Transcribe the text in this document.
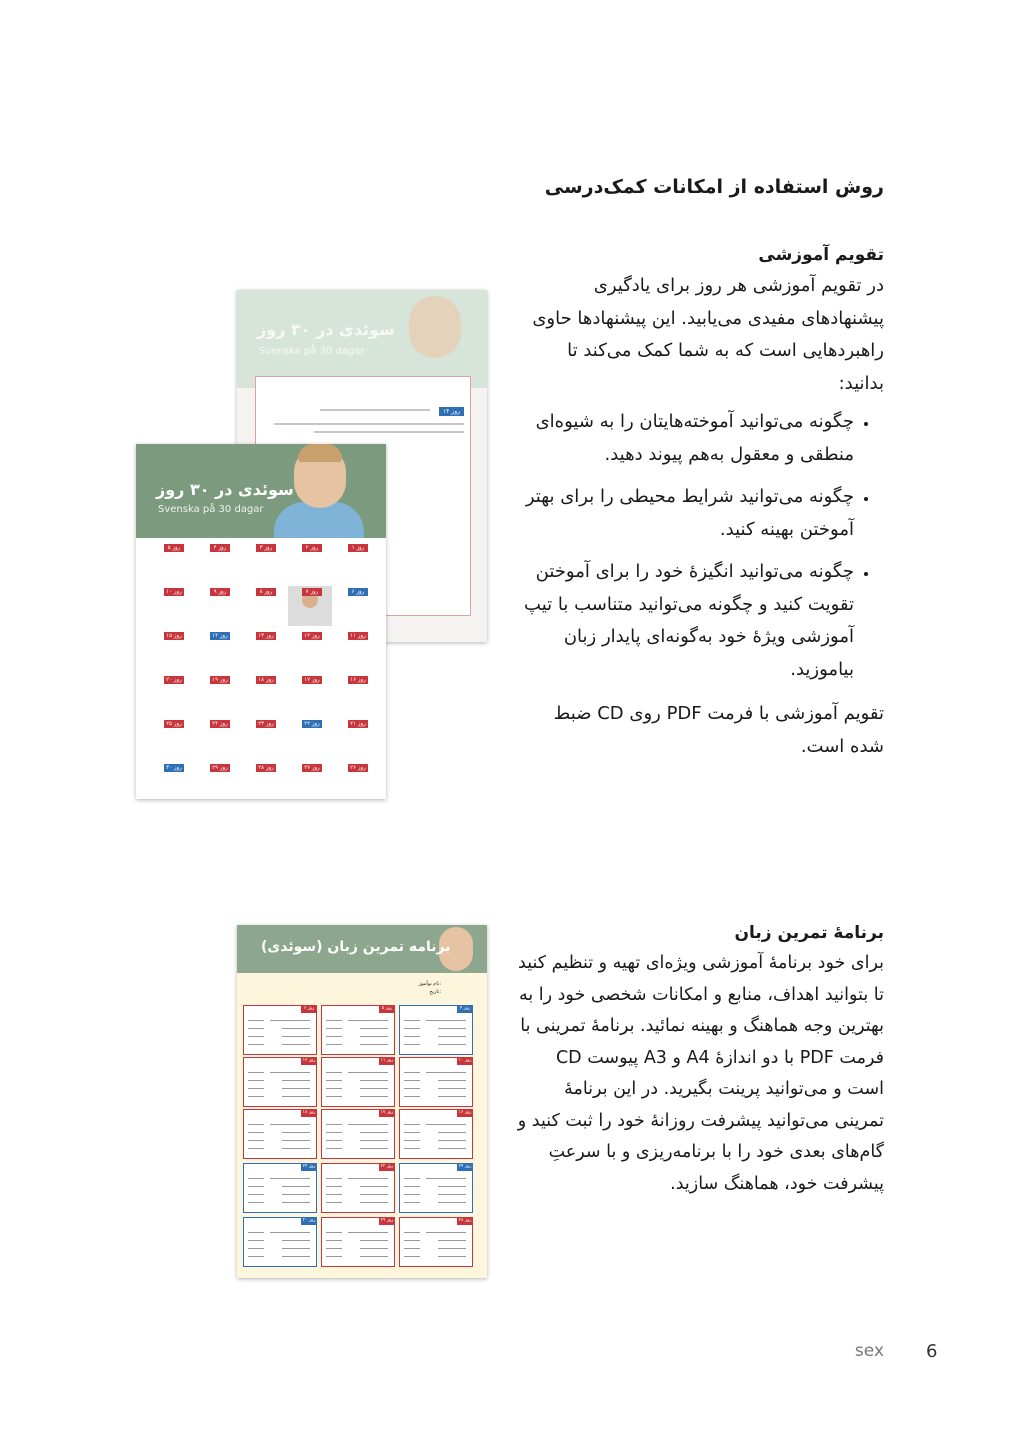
روش استفاده از امکانات کمک‌درسی
تقویم آموزشی

در تقویم آموزشی هر روز برای یادگیری پیشنهادهای مفیدی می‌یابید. این پیشنهادها حاوی راهبردهایی است که به شما کمک می‌کند تا بدانید:

• چگونه می‌توانید آموخته‌هایتان را به شیوه‌ای منطقی و معقول به‌هم پیوند دهید.
• چگونه می‌توانید شرایط محیطی را برای بهتر آموختن بهینه کنید.
• چگونه می‌توانید انگیزهٔ خود را برای آموختن تقویت کنید و چگونه می‌توانید متناسب با تیپ آموزشی ویژهٔ خود به‌گونه‌ای پایدار زبان بیاموزید.

تقویم آموزشی با فرمت PDF روی CD ضبط شده است.

برنامهٔ تمرین زبان

برای خود برنامهٔ آموزشی ویژه‌ای تهیه و تنظیم کنید تا بتوانید اهداف، منابع و امکانات شخصی خود را به بهترین وجه هماهنگ و بهینه نمائید. برنامهٔ تمرینی با فرمت PDF با دو اندازهٔ A4 و A3 پیوست CD است و می‌توانید پرینت بگیرید. در این برنامهٔ تمرینی می‌توانید پیشرفت روزانهٔ خود را ثبت کنید و گام‌های بعدی خود را با برنامه‌ریزی و با سرعتِ پیشرفت خود، هماهنگ سازید.

سوئدی در ۳۰ روز
Svenska på 30 dagar
روز ۱۴
سوئدی در ۳۰ روز
Svenska på 30 dagar
روز ۱
روز ۲
روز ۳
روز ۴
روز ۵
روز ۶
روز ۷
روز ۸
روز ۹
روز ۱۰
روز ۱۱
روز ۱۲
روز ۱۳
روز ۱۴
روز ۱۵
روز ۱۶
روز ۱۷
روز ۱۸
روز ۱۹
روز ۲۰
روز ۲۱
روز ۲۲
روز ۲۳
روز ۲۴
روز ۲۵
روز ۲۶
روز ۲۷
روز ۲۸
روز ۲۹
روز ۳۰
برنامه تمرین زبان (سوئدی)
نام نوآموز:
تاریخ:
روز ۴
روز ۵
روز ۶
روز ۱۰
روز ۱۱
روز ۱۲
روز ۱۶
روز ۱۷
روز ۱۸
روز ۲۴
روز ۲۳
روز ۲۴
روز ۲۸
روز ۲۹
روز ۳۰
sex 6
